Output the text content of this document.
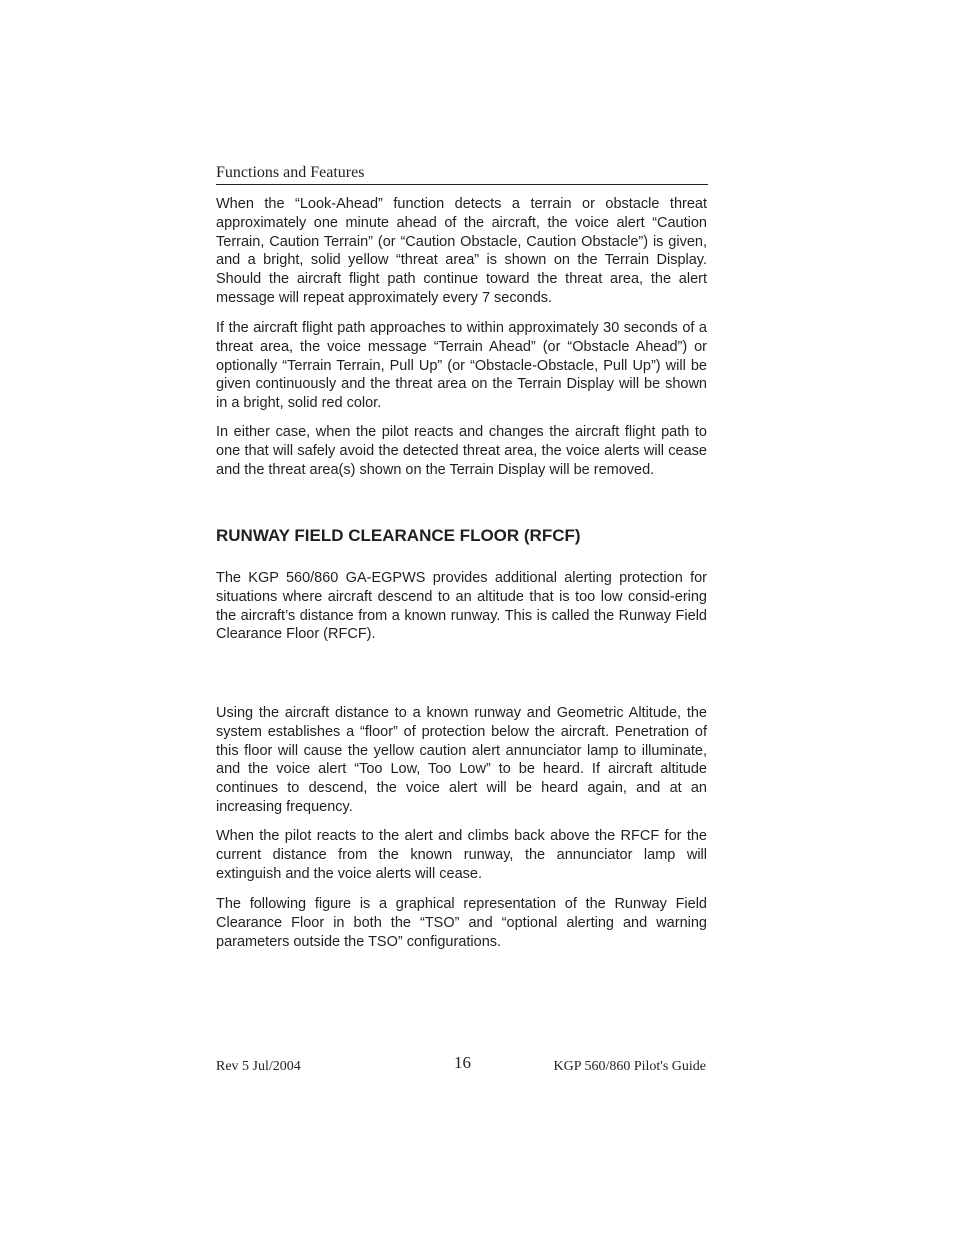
Functions and Features

When the “Look-Ahead” function detects a terrain or obstacle threat approximately one minute ahead of the aircraft, the voice alert “Caution Terrain, Caution Terrain” (or “Caution Obstacle, Caution Obstacle”) is given, and a bright, solid yellow “threat area” is shown on the Terrain Display. Should the aircraft flight path continue toward the threat area, the alert message will repeat approximately every 7 seconds.

If the aircraft flight path approaches to within approximately 30 seconds of a threat area, the voice message “Terrain Ahead” (or “Obstacle Ahead”) or optionally “Terrain Terrain, Pull Up” (or “Obstacle-Obstacle, Pull Up”) will be given continuously and the threat area on the Terrain Display will be shown in a bright, solid red color.

In either case, when the pilot reacts and changes the aircraft flight path to one that will safely avoid the detected threat area, the voice alerts will cease and the threat area(s) shown on the Terrain Display will be removed.

RUNWAY FIELD CLEARANCE FLOOR (RFCF)

The KGP 560/860 GA-EGPWS provides additional alerting protection for situations where aircraft descend to an altitude that is too low consid-ering the aircraft’s distance from a known runway. This is called the Runway Field Clearance Floor (RFCF).

Using the aircraft distance to a known runway and Geometric Altitude, the system establishes a “floor” of protection below the aircraft. Penetration of this floor will cause the yellow caution alert annunciator lamp to illuminate, and the voice alert “Too Low, Too Low” to be heard. If aircraft altitude continues to descend, the voice alert will be heard again, and at an increasing frequency.

When the pilot reacts to the alert and climbs back above the RFCF for the current distance from the known runway, the annunciator lamp will extinguish and the voice alerts will cease.

The following figure is a graphical representation of the Runway Field Clearance Floor in both the “TSO” and “optional alerting and warning parameters outside the TSO” configurations.

Rev 5 Jul/2004	16	KGP 560/860 Pilot's Guide
